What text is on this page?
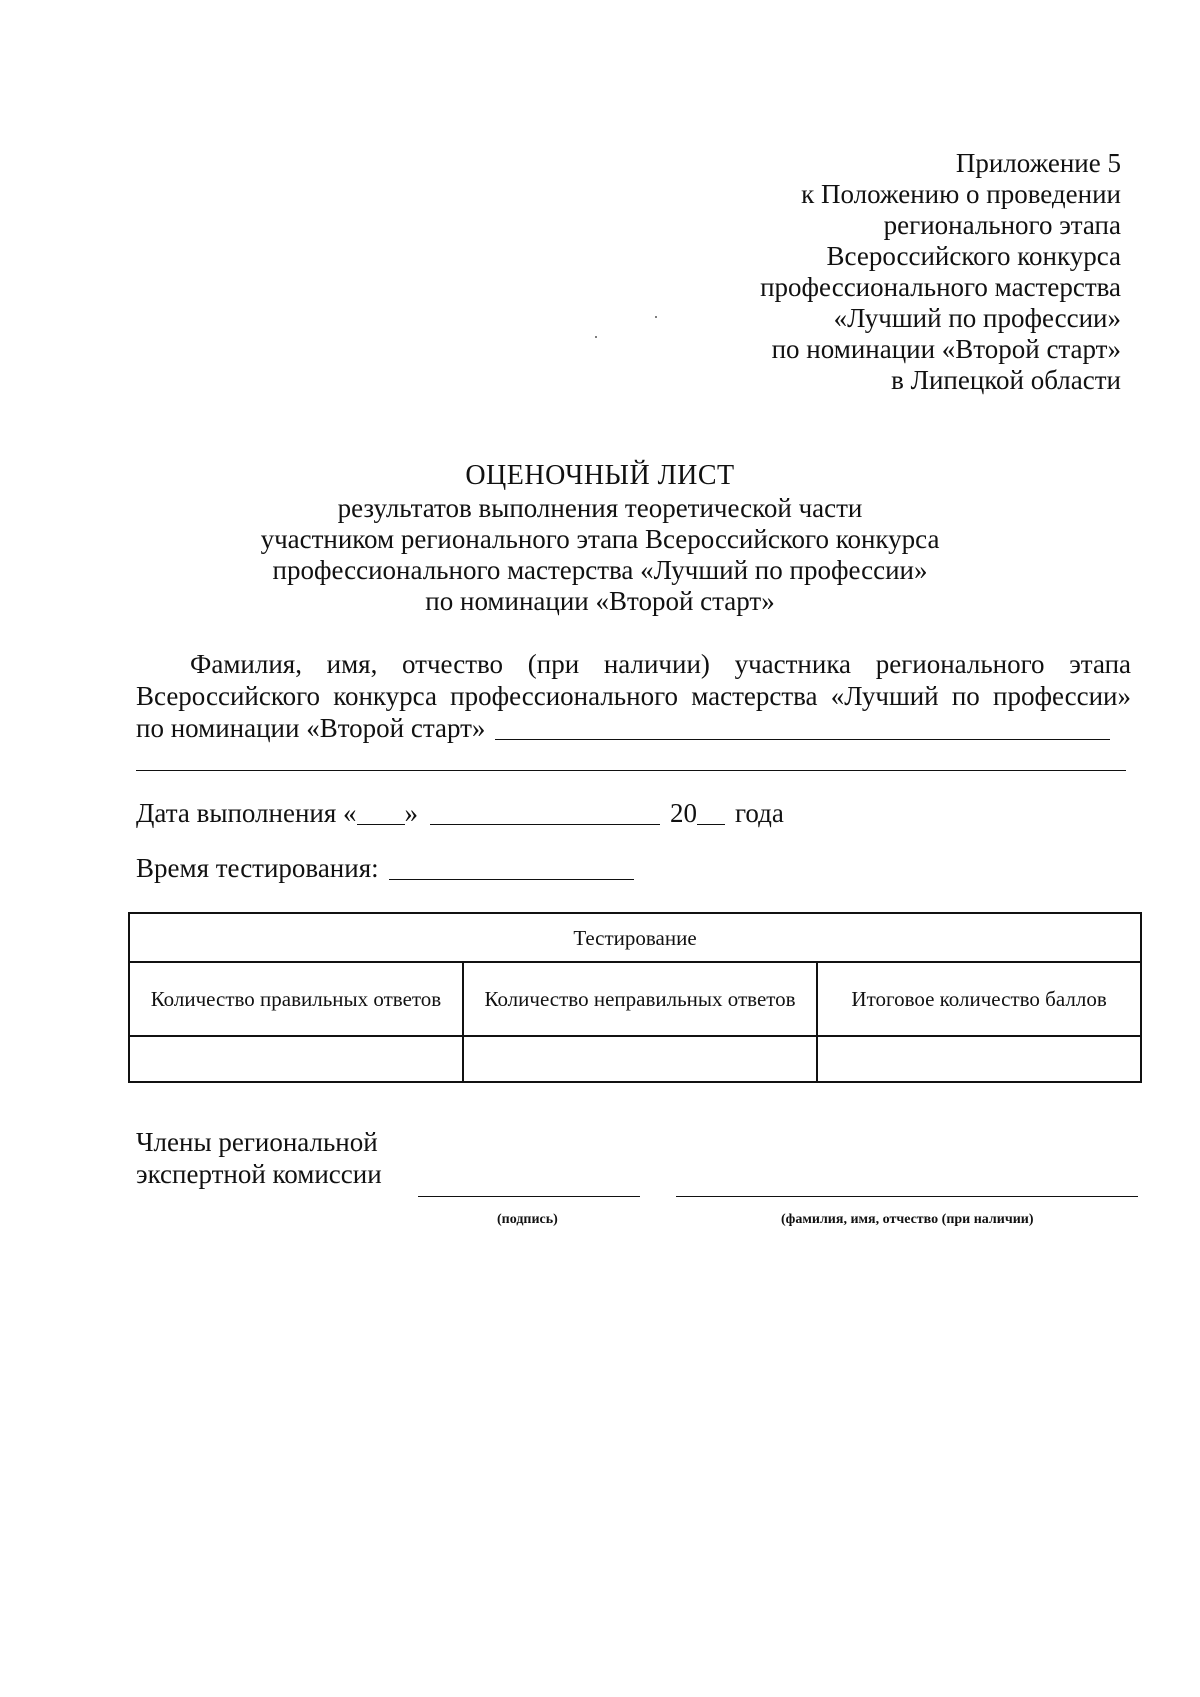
Приложение 5
к Положению о проведении
регионального этапа
Всероссийского конкурса
профессионального мастерства
«Лучший по профессии»
по номинации «Второй старт»
в Липецкой области
ОЦЕНОЧНЫЙ ЛИСТ
результатов выполнения теоретической части
участником регионального этапа Всероссийского конкурса
профессионального мастерства «Лучший по профессии»
по номинации «Второй старт»
Фамилия, имя, отчество (при наличии) участника регионального этапа
Всероссийского конкурса профессионального мастерства «Лучший по профессии»
по номинации «Второй старт»
Дата выполнения « »	20 года
Время тестирования:
Тестирование		
Количество правильных ответов	Количество неправильных ответов	Итоговое количество баллов

Члены региональной
экспертной комиссии
(подпись)	(фамилия, имя, отчество (при наличии)
